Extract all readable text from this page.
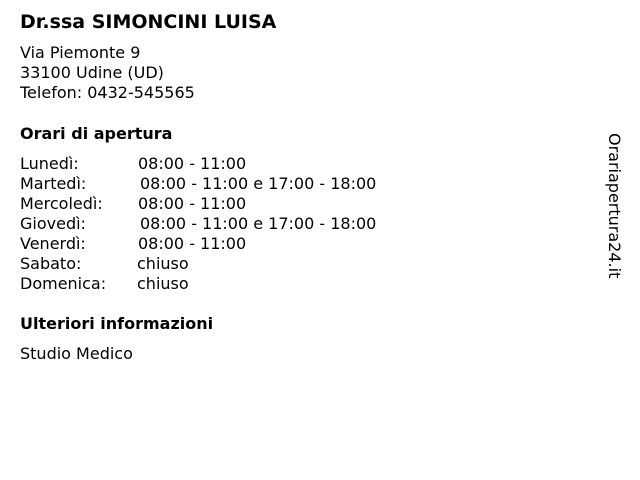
Dr.ssa SIMONCINI LUISA
Via Piemonte 9
33100 Udine (UD)
Telefon: 0432-545565
Orari di apertura
Lunedì:	08:00 - 11:00
Martedì:	08:00 - 11:00 e 17:00 - 18:00
Mercoledì: 08:00 - 11:00
Giovedì:	08:00 - 11:00 e 17:00 - 18:00
Venerdì:	08:00 - 11:00
Sabato:	chiuso
Domenica: chiuso
Ulteriori informazioni
Studio Medico
Orariapertura24.it
